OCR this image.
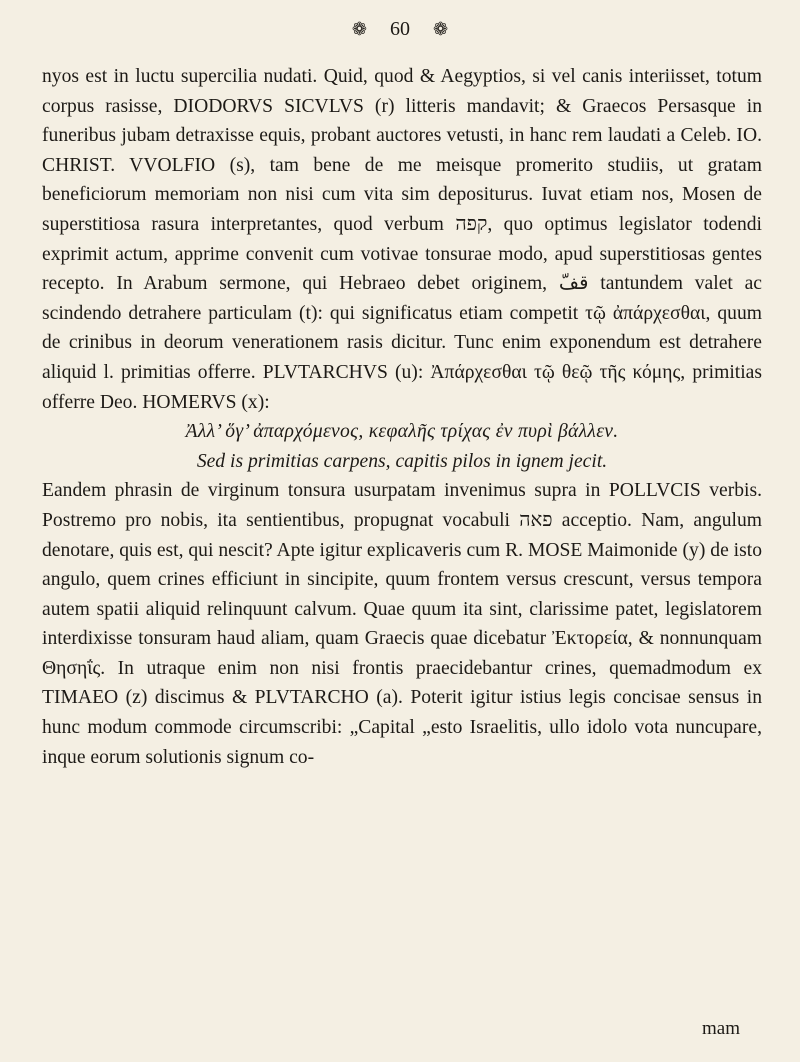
❁ 60 ❁

nyos est in luctu supercilia nudati. Quid, quod & Aegyptios, si vel canis interiisset, totum corpus rasisse, DIODORVS SICVLVS (r) litteris mandavit; & Graecos Persasque in funeribus jubam detraxisse equis, probant auctores vetusti, in hanc rem laudati a Celeb. IO. CHRIST. VVOLFIO (s), tam bene de me meisque promerito studiis, ut gratam beneficiorum memoriam non nisi cum vita sim depositurus. Iuvat etiam nos, Mosen de superstitiosa rasura interpretantes, quod verbum קפה, quo optimus legislator todendi exprimit actum, apprime convenit cum votivae tonsurae modo, apud superstitiosas gentes recepto. In Arabum sermone, qui Hebraeo debet originem, قفّ tantundem valet ac scindendo detrahere particulam (t): qui significatus etiam competit τῷ ἀπάρχεσθαι, quum de crinibus in deorum venerationem rasis dicitur. Tunc enim exponendum est detrahere aliquid l. primitias offerre. PLVTARCHVS (u): Ἀπάρχεσθαι τῷ θεῷ τῆς κόμης, primitias offerre Deo. HOMERVS (x):

Ἀλλ’ ὅγ’ ἀπαρχόμενος, κεφαλῆς τρίχας ἐν πυρὶ βάλλεν.

Sed is primitias carpens, capitis pilos in ignem jecit.

Eandem phrasin de virginum tonsura usurpatam invenimus supra in POLLVCIS verbis. Postremo pro nobis, ita sentientibus, propugnat vocabuli פאה acceptio. Nam, angulum denotare, quis est, qui nescit? Apte igitur explicaveris cum R. MOSE Maimonide (y) de isto angulo, quem crines efficiunt in sincipite, quum frontem versus crescunt, versus tempora autem spatii aliquid relinquunt calvum. Quae quum ita sint, clarissime patet, legislatorem interdixisse tonsuram haud aliam, quam Graecis quae dicebatur Ἐκτορεία, & nonnunquam Θησηΐς. In utraque enim non nisi frontis praecidebantur crines, quemadmodum ex TIMAEO (z) discimus & PLVTARCHO (a). Poterit igitur istius legis concisae sensus in hunc modum commode circumscribi: „Capital „esto Israelitis, ullo idolo vota nuncupare, inque eorum solutionis signum co-

mam
